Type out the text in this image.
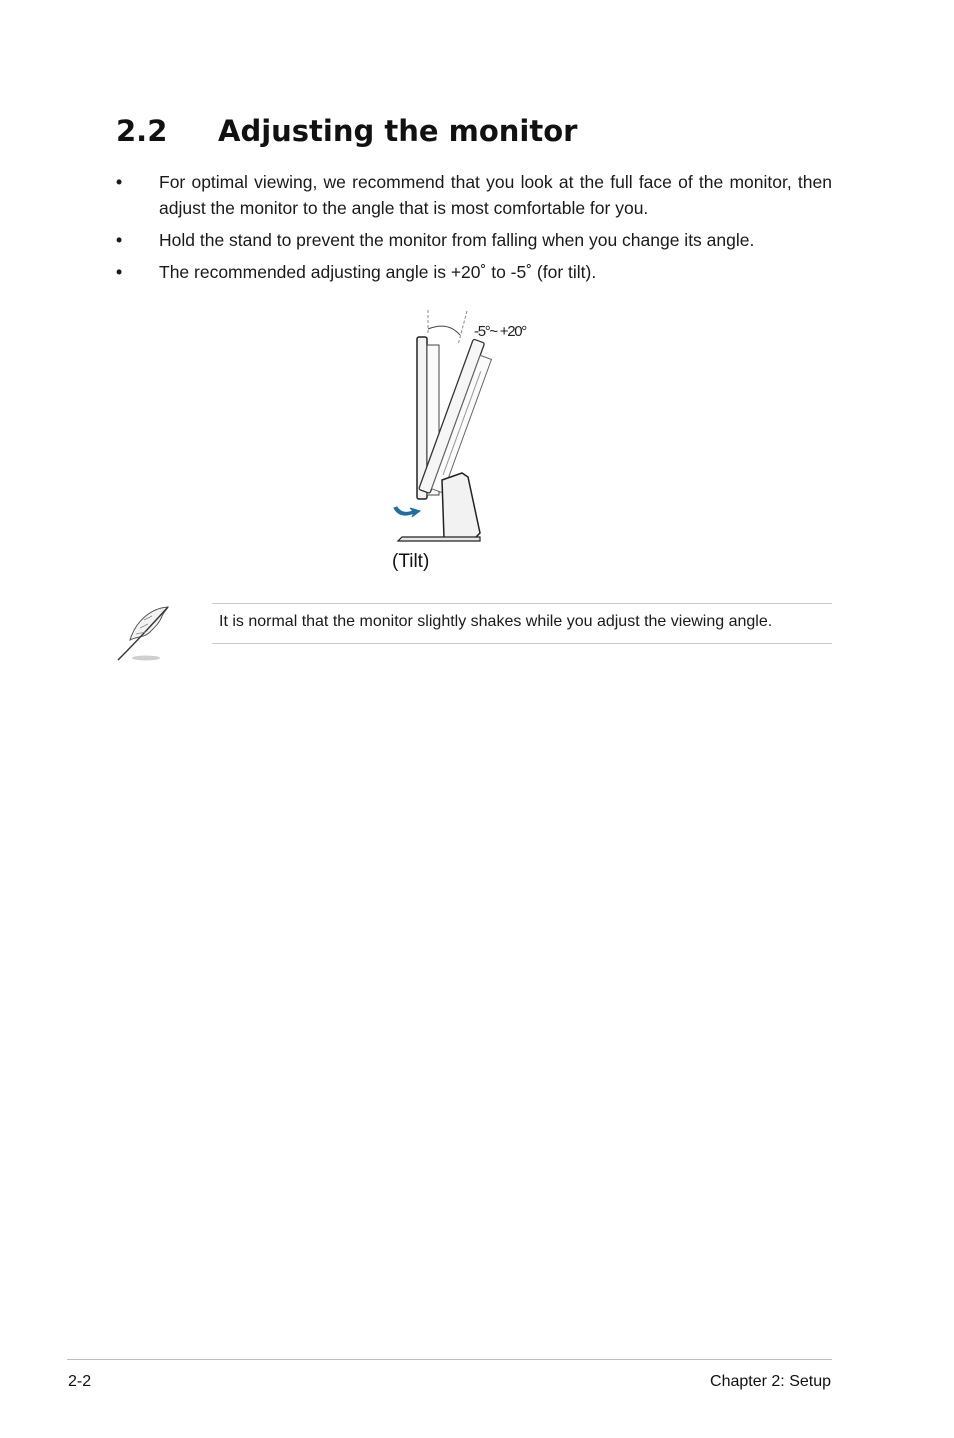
2.2 Adjusting the monitor
• For optimal viewing, we recommend that you look at the full face of the monitor, then adjust the monitor to the angle that is most comfortable for you.
• Hold the stand to prevent the monitor from falling when you change its angle.
• The recommended adjusting angle is +20˚ to -5˚ (for tilt).
-5°~ +20°
(Tilt)
It is normal that the monitor slightly shakes while you adjust the viewing angle.
2-2	Chapter 2: Setup
